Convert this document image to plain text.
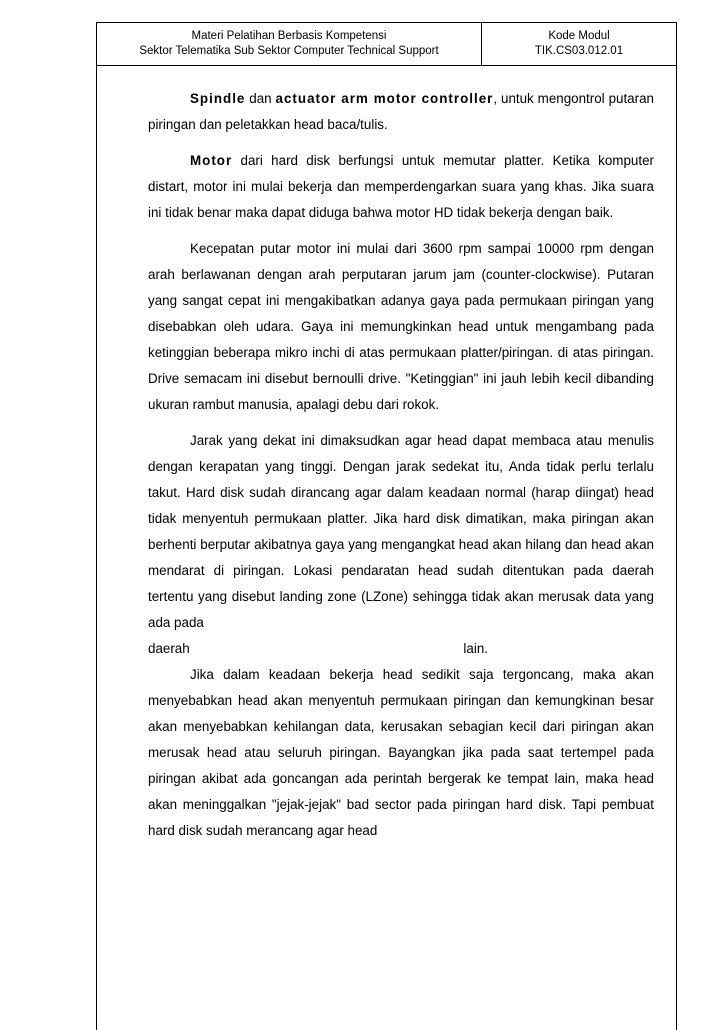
Materi Pelatihan Berbasis Kompetensi
Sektor Telematika Sub Sektor Computer Technical Support
Kode Modul
TIK.CS03.012.01

Spindle dan actuator arm motor controller, untuk mengontrol putaran piringan dan peletakkan head baca/tulis.

Motor dari hard disk berfungsi untuk memutar platter. Ketika komputer distart, motor ini mulai bekerja dan memperdengarkan suara yang khas. Jika suara ini tidak benar maka dapat diduga bahwa motor HD tidak bekerja dengan baik.

Kecepatan putar motor ini mulai dari 3600 rpm sampai 10000 rpm dengan arah berlawanan dengan arah perputaran jarum jam (counter-clockwise). Putaran yang sangat cepat ini mengakibatkan adanya gaya pada permukaan piringan yang disebabkan oleh udara. Gaya ini memungkinkan head untuk mengambang pada ketinggian beberapa mikro inchi di atas permukaan platter/piringan. di atas piringan. Drive semacam ini disebut bernoulli drive. "Ketinggian" ini jauh lebih kecil dibanding ukuran rambut manusia, apalagi debu dari rokok.

Jarak yang dekat ini dimaksudkan agar head dapat membaca atau menulis dengan kerapatan yang tinggi. Dengan jarak sedekat itu, Anda tidak perlu terlalu takut. Hard disk sudah dirancang agar dalam keadaan normal (harap diingat) head tidak menyentuh permukaan platter. Jika hard disk dimatikan, maka piringan akan berhenti berputar akibatnya gaya yang mengangkat head akan hilang dan head akan mendarat di piringan. Lokasi pendaratan head sudah ditentukan pada daerah tertentu yang disebut landing zone (LZone) sehingga tidak akan merusak data yang ada pada

daerah	lain.

Jika dalam keadaan bekerja head sedikit saja tergoncang, maka akan menyebabkan head akan menyentuh permukaan piringan dan kemungkinan besar akan menyebabkan kehilangan data, kerusakan sebagian kecil dari piringan akan merusak head atau seluruh piringan. Bayangkan jika pada saat tertempel pada piringan akibat ada goncangan ada perintah bergerak ke tempat lain, maka head akan meninggalkan "jejak-jejak" bad sector pada piringan hard disk. Tapi pembuat hard disk sudah merancang agar head
